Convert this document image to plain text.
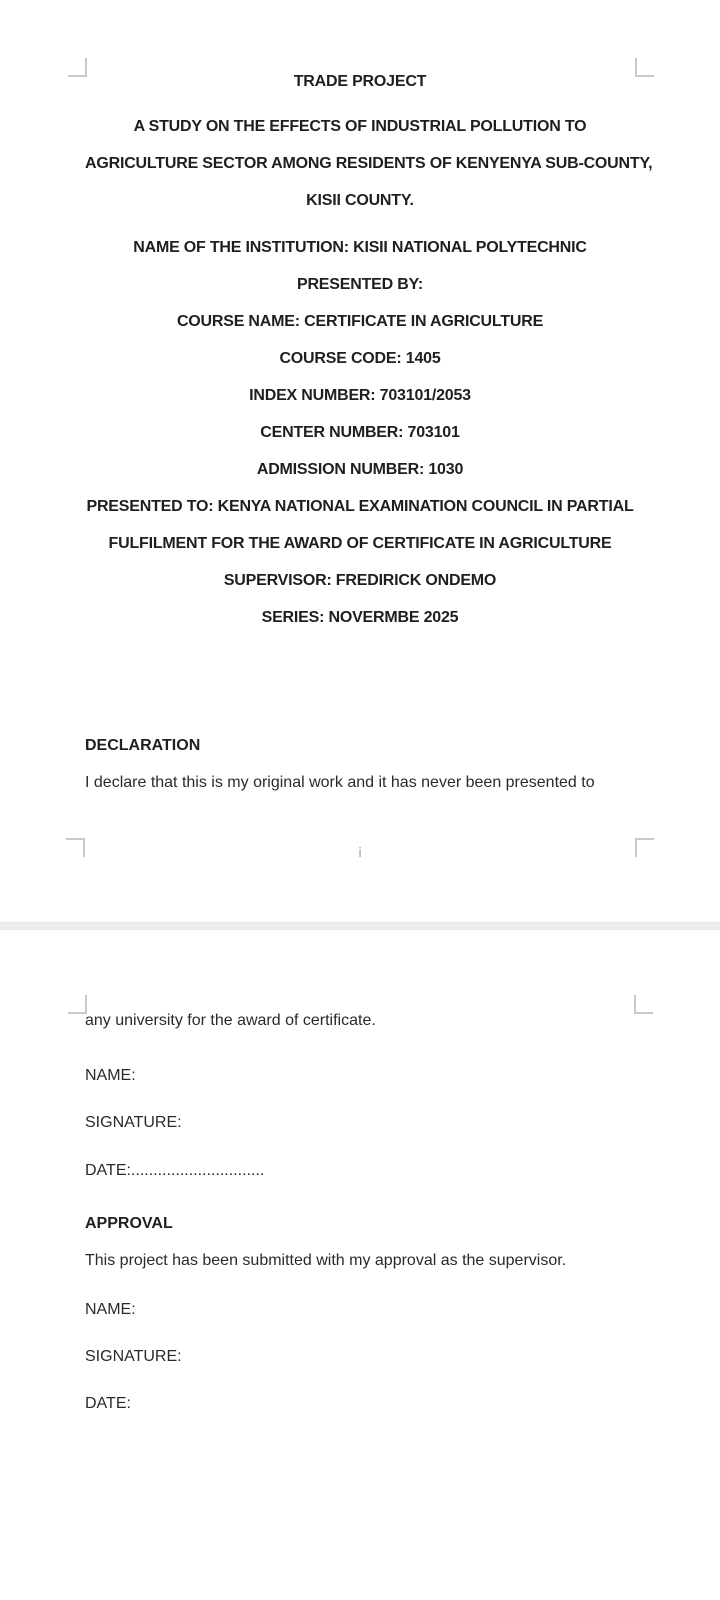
TRADE PROJECT
A STUDY ON THE EFFECTS OF INDUSTRIAL POLLUTION TO
AGRICULTURE SECTOR AMONG RESIDENTS OF KENYENYA SUB-COUNTY,
KISII COUNTY.
NAME OF THE INSTITUTION: KISII NATIONAL POLYTECHNIC
PRESENTED BY:
COURSE NAME: CERTIFICATE IN AGRICULTURE
COURSE CODE: 1405
INDEX NUMBER: 703101/2053
CENTER NUMBER: 703101
ADMISSION NUMBER: 1030
PRESENTED TO: KENYA NATIONAL EXAMINATION COUNCIL IN PARTIAL
FULFILMENT FOR THE AWARD OF CERTIFICATE IN AGRICULTURE
SUPERVISOR: FREDIRICK ONDEMO
SERIES: NOVERMBE 2025
DECLARATION
I declare that this is my original work and it has never been presented to
i
any university for the award of certificate.
NAME:
SIGNATURE:
DATE:..............................
APPROVAL
This project has been submitted with my approval as the supervisor.
NAME:
SIGNATURE:
DATE:
